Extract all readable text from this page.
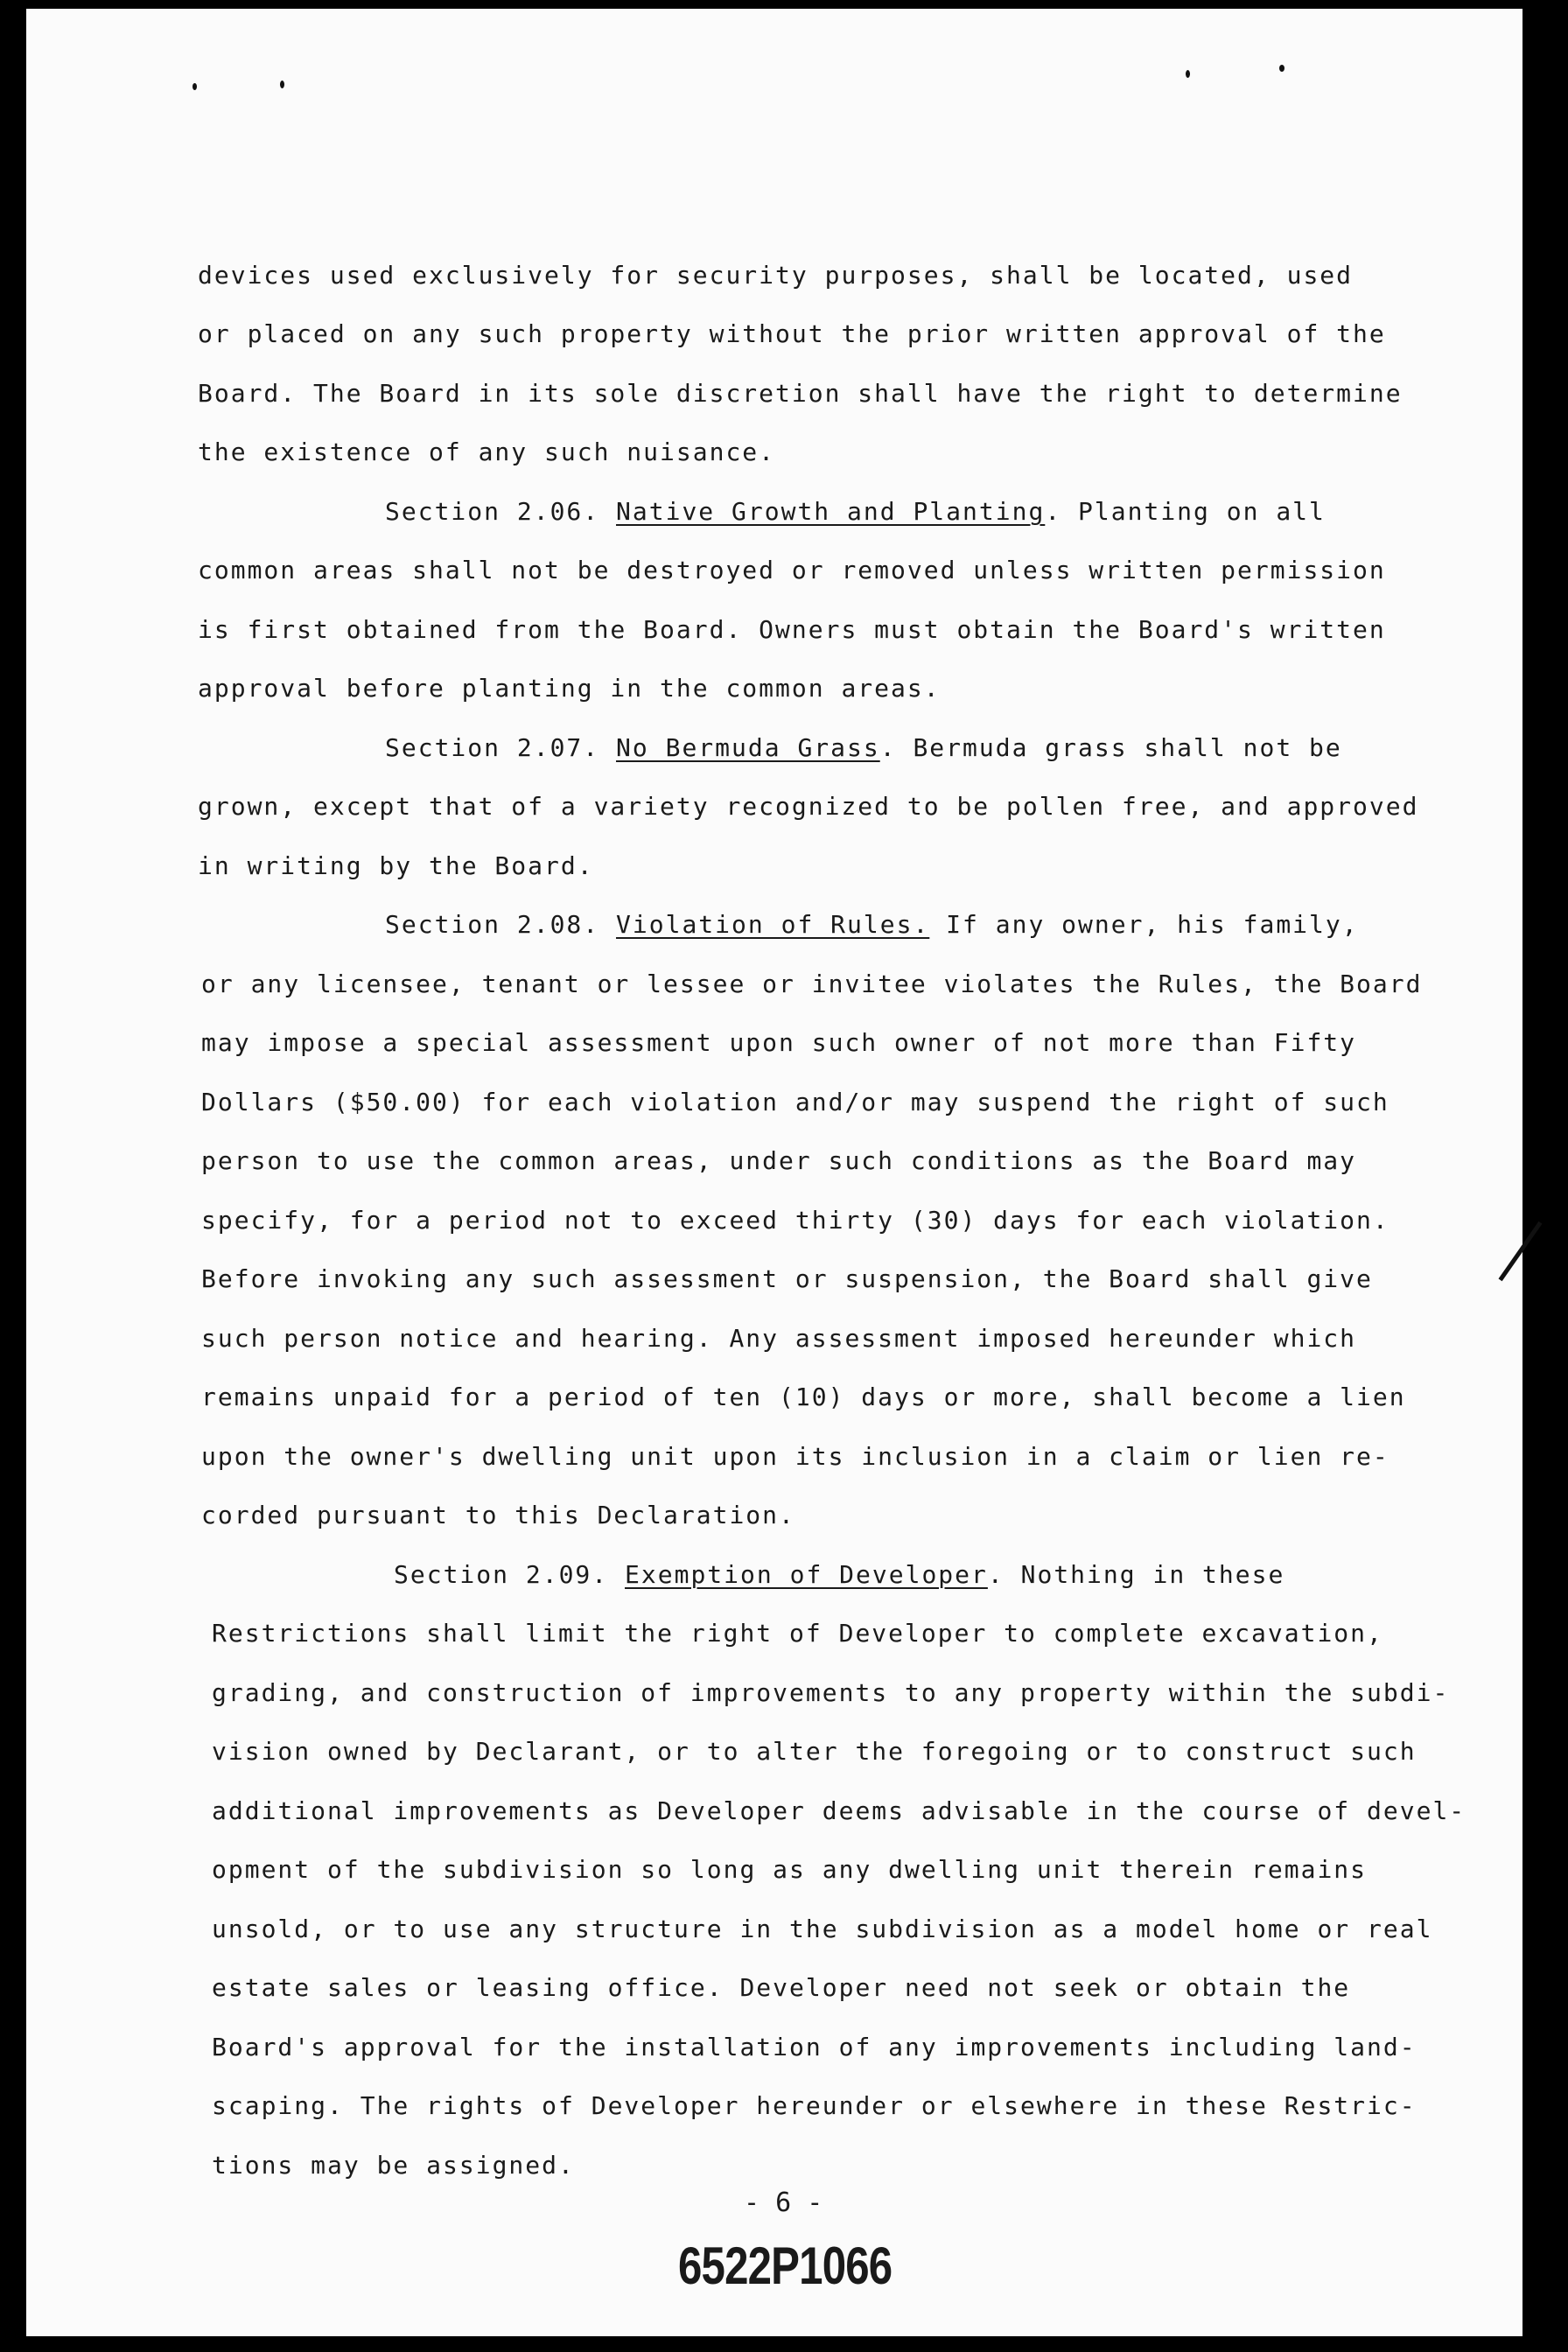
devices used exclusively for security purposes, shall be located, used
or placed on any such property without the prior written approval of the
Board. The Board in its sole discretion shall have the right to determine
the existence of any such nuisance.
Section 2.06. Native Growth and Planting. Planting on all
common areas shall not be destroyed or removed unless written permission
is first obtained from the Board. Owners must obtain the Board's written
approval before planting in the common areas.
Section 2.07. No Bermuda Grass. Bermuda grass shall not be
grown, except that of a variety recognized to be pollen free, and approved
in writing by the Board.
Section 2.08. Violation of Rules. If any owner, his family,
or any licensee, tenant or lessee or invitee violates the Rules, the Board
may impose a special assessment upon such owner of not more than Fifty
Dollars ($50.00) for each violation and/or may suspend the right of such
person to use the common areas, under such conditions as the Board may
specify, for a period not to exceed thirty (30) days for each violation.
Before invoking any such assessment or suspension, the Board shall give
such person notice and hearing. Any assessment imposed hereunder which
remains unpaid for a period of ten (10) days or more, shall become a lien
upon the owner's dwelling unit upon its inclusion in a claim or lien re-
corded pursuant to this Declaration.
Section 2.09. Exemption of Developer. Nothing in these
Restrictions shall limit the right of Developer to complete excavation,
grading, and construction of improvements to any property within the subdi-
vision owned by Declarant, or to alter the foregoing or to construct such
additional improvements as Developer deems advisable in the course of devel-
opment of the subdivision so long as any dwelling unit therein remains
unsold, or to use any structure in the subdivision as a model home or real
estate sales or leasing office. Developer need not seek or obtain the
Board's approval for the installation of any improvements including land-
scaping. The rights of Developer hereunder or elsewhere in these Restric-
tions may be assigned.
- 6 -
6522P1066
